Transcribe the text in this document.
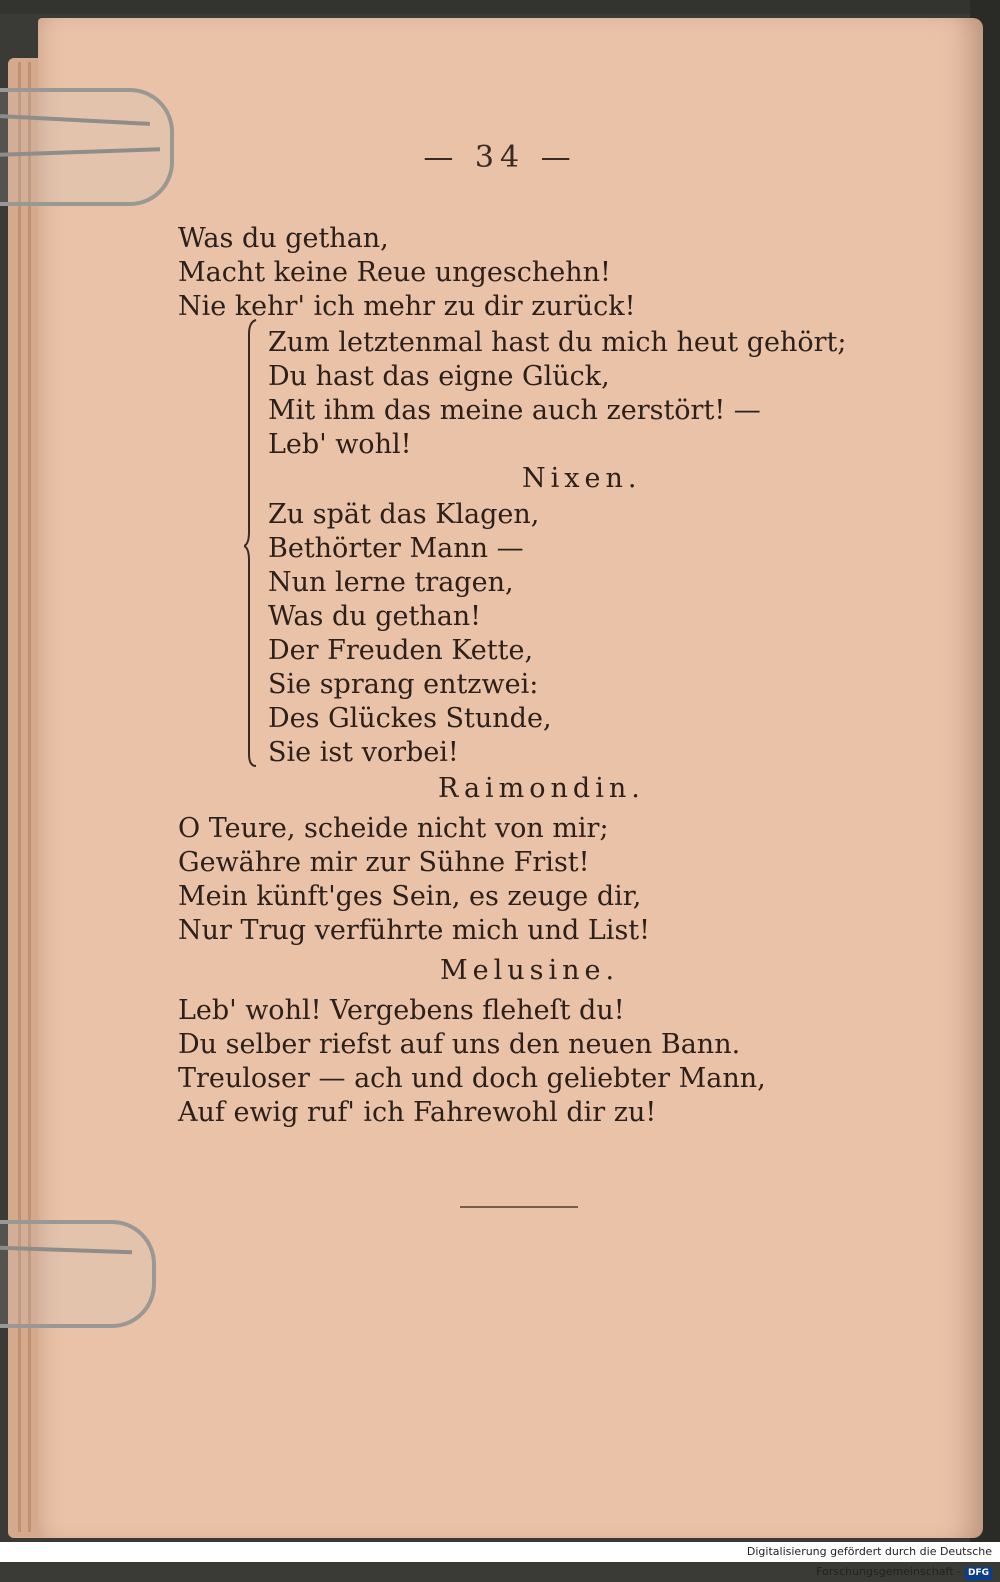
— 34 —
Was du gethan,
Macht keine Reue ungeschehn!
Nie kehr' ich mehr zu dir zurück!
Zum letztenmal hast du mich heut gehört;
Du hast das eigne Glück,
Mit ihm das meine auch zerstört! —
Leb' wohl!
Nixen.
Zu spät das Klagen,
Bethörter Mann —
Nun lerne tragen,
Was du gethan!
Der Freuden Kette,
Sie sprang entzwei:
Des Glückes Stunde,
Sie ist vorbei!
Raimondin.
O Teure, scheide nicht von mir;
Gewähre mir zur Sühne Frist!
Mein künft'ges Sein, es zeuge dir,
Nur Trug verführte mich und List!
Melusine.
Leb' wohl! Vergebens fleheſt du!
Du selber riefst auf uns den neuen Bann.
Treuloser — ach und doch geliebter Mann,
Auf ewig ruf' ich Fahrewohl dir zu!
Digitalisierung gefördert durch die Deutsche Forschungsgemeinschaft - DFG
